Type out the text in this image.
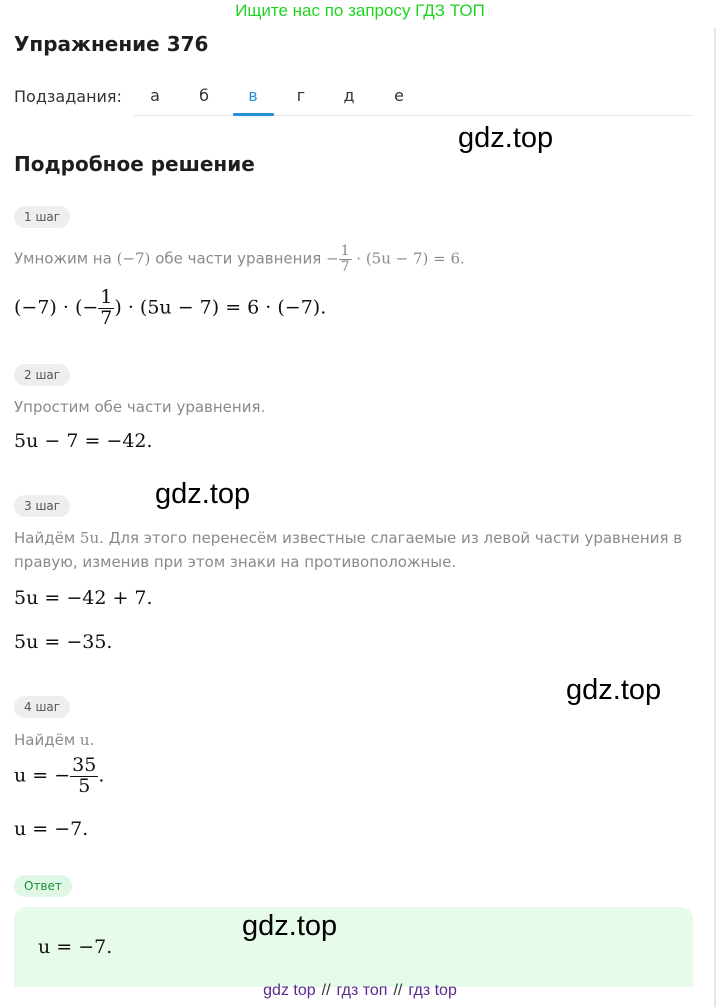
Ищите нас по запросу ГДЗ ТОП
Упражнение 376
Подзадания:	а	б	в	г	д	е
gdz.top
Подробное решение
1 шаг
Умножим на (−7) обе части уравнения − $\frac{1}{7} \cdot (5u - 7) = 6$.
(−7) · (− $\frac{1}{7}$ ) · (5u − 7) = 6 · (−7).
2 шаг
Упростим обе части уравнения.
5u − 7 = −42.
3 шаг	gdz.top
Найдём 5u. Для этого перенесём известные слагаемые из левой части уравнения в
правую, изменив при этом знаки на противоположные.
5u = −42 + 7.
5u = −35.
gdz.top
4 шаг
Найдём u.
u = − $\frac{35}{5}$ .
u = −7.
Ответ
u = −7.
gdz.top
gdz top // гдз топ // гдз top
